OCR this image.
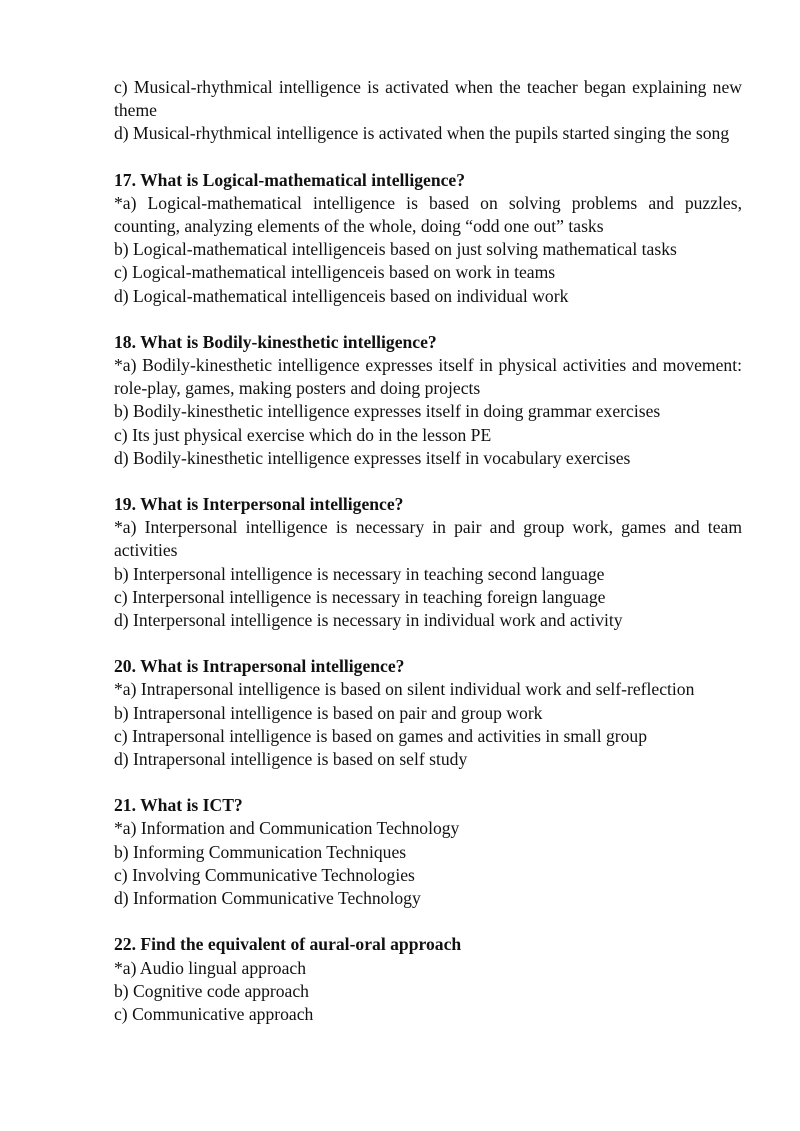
c) Musical-rhythmical intelligence is activated when the teacher began explaining new theme

d) Musical-rhythmical intelligence is activated when the pupils started singing the song

17. What is Logical-mathematical intelligence?

*a) Logical-mathematical intelligence is based on solving problems and puzzles, counting, analyzing elements of the whole, doing “odd one out” tasks

b) Logical-mathematical intelligenceis based on just solving mathematical tasks

c) Logical-mathematical intelligenceis based on work in teams

d) Logical-mathematical intelligenceis based on individual work

18. What is Bodily-kinesthetic intelligence?

*a) Bodily-kinesthetic intelligence expresses itself in physical activities and movement: role-play, games, making posters and doing projects

b) Bodily-kinesthetic intelligence expresses itself in doing grammar exercises

c) Its just physical exercise which do in the lesson PE

d) Bodily-kinesthetic intelligence expresses itself in vocabulary exercises

19. What is Interpersonal intelligence?

*a) Interpersonal intelligence is necessary in pair and group work, games and team activities

b) Interpersonal intelligence is necessary in teaching second language

c) Interpersonal intelligence is necessary in teaching foreign language

d) Interpersonal intelligence is necessary in individual work and activity

20. What is Intrapersonal intelligence?

*a) Intrapersonal intelligence is based on silent individual work and self-reflection

b) Intrapersonal intelligence is based on pair and group work

c) Intrapersonal intelligence is based on games and activities in small group

d) Intrapersonal intelligence is based on self study

21. What is ICT?

*a) Information and Communication Technology

b) Informing Communication Techniques

c) Involving Communicative Technologies

d) Information Communicative Technology

22. Find the equivalent of aural-oral approach

*a) Audio lingual approach

b) Cognitive code approach

c) Communicative approach
